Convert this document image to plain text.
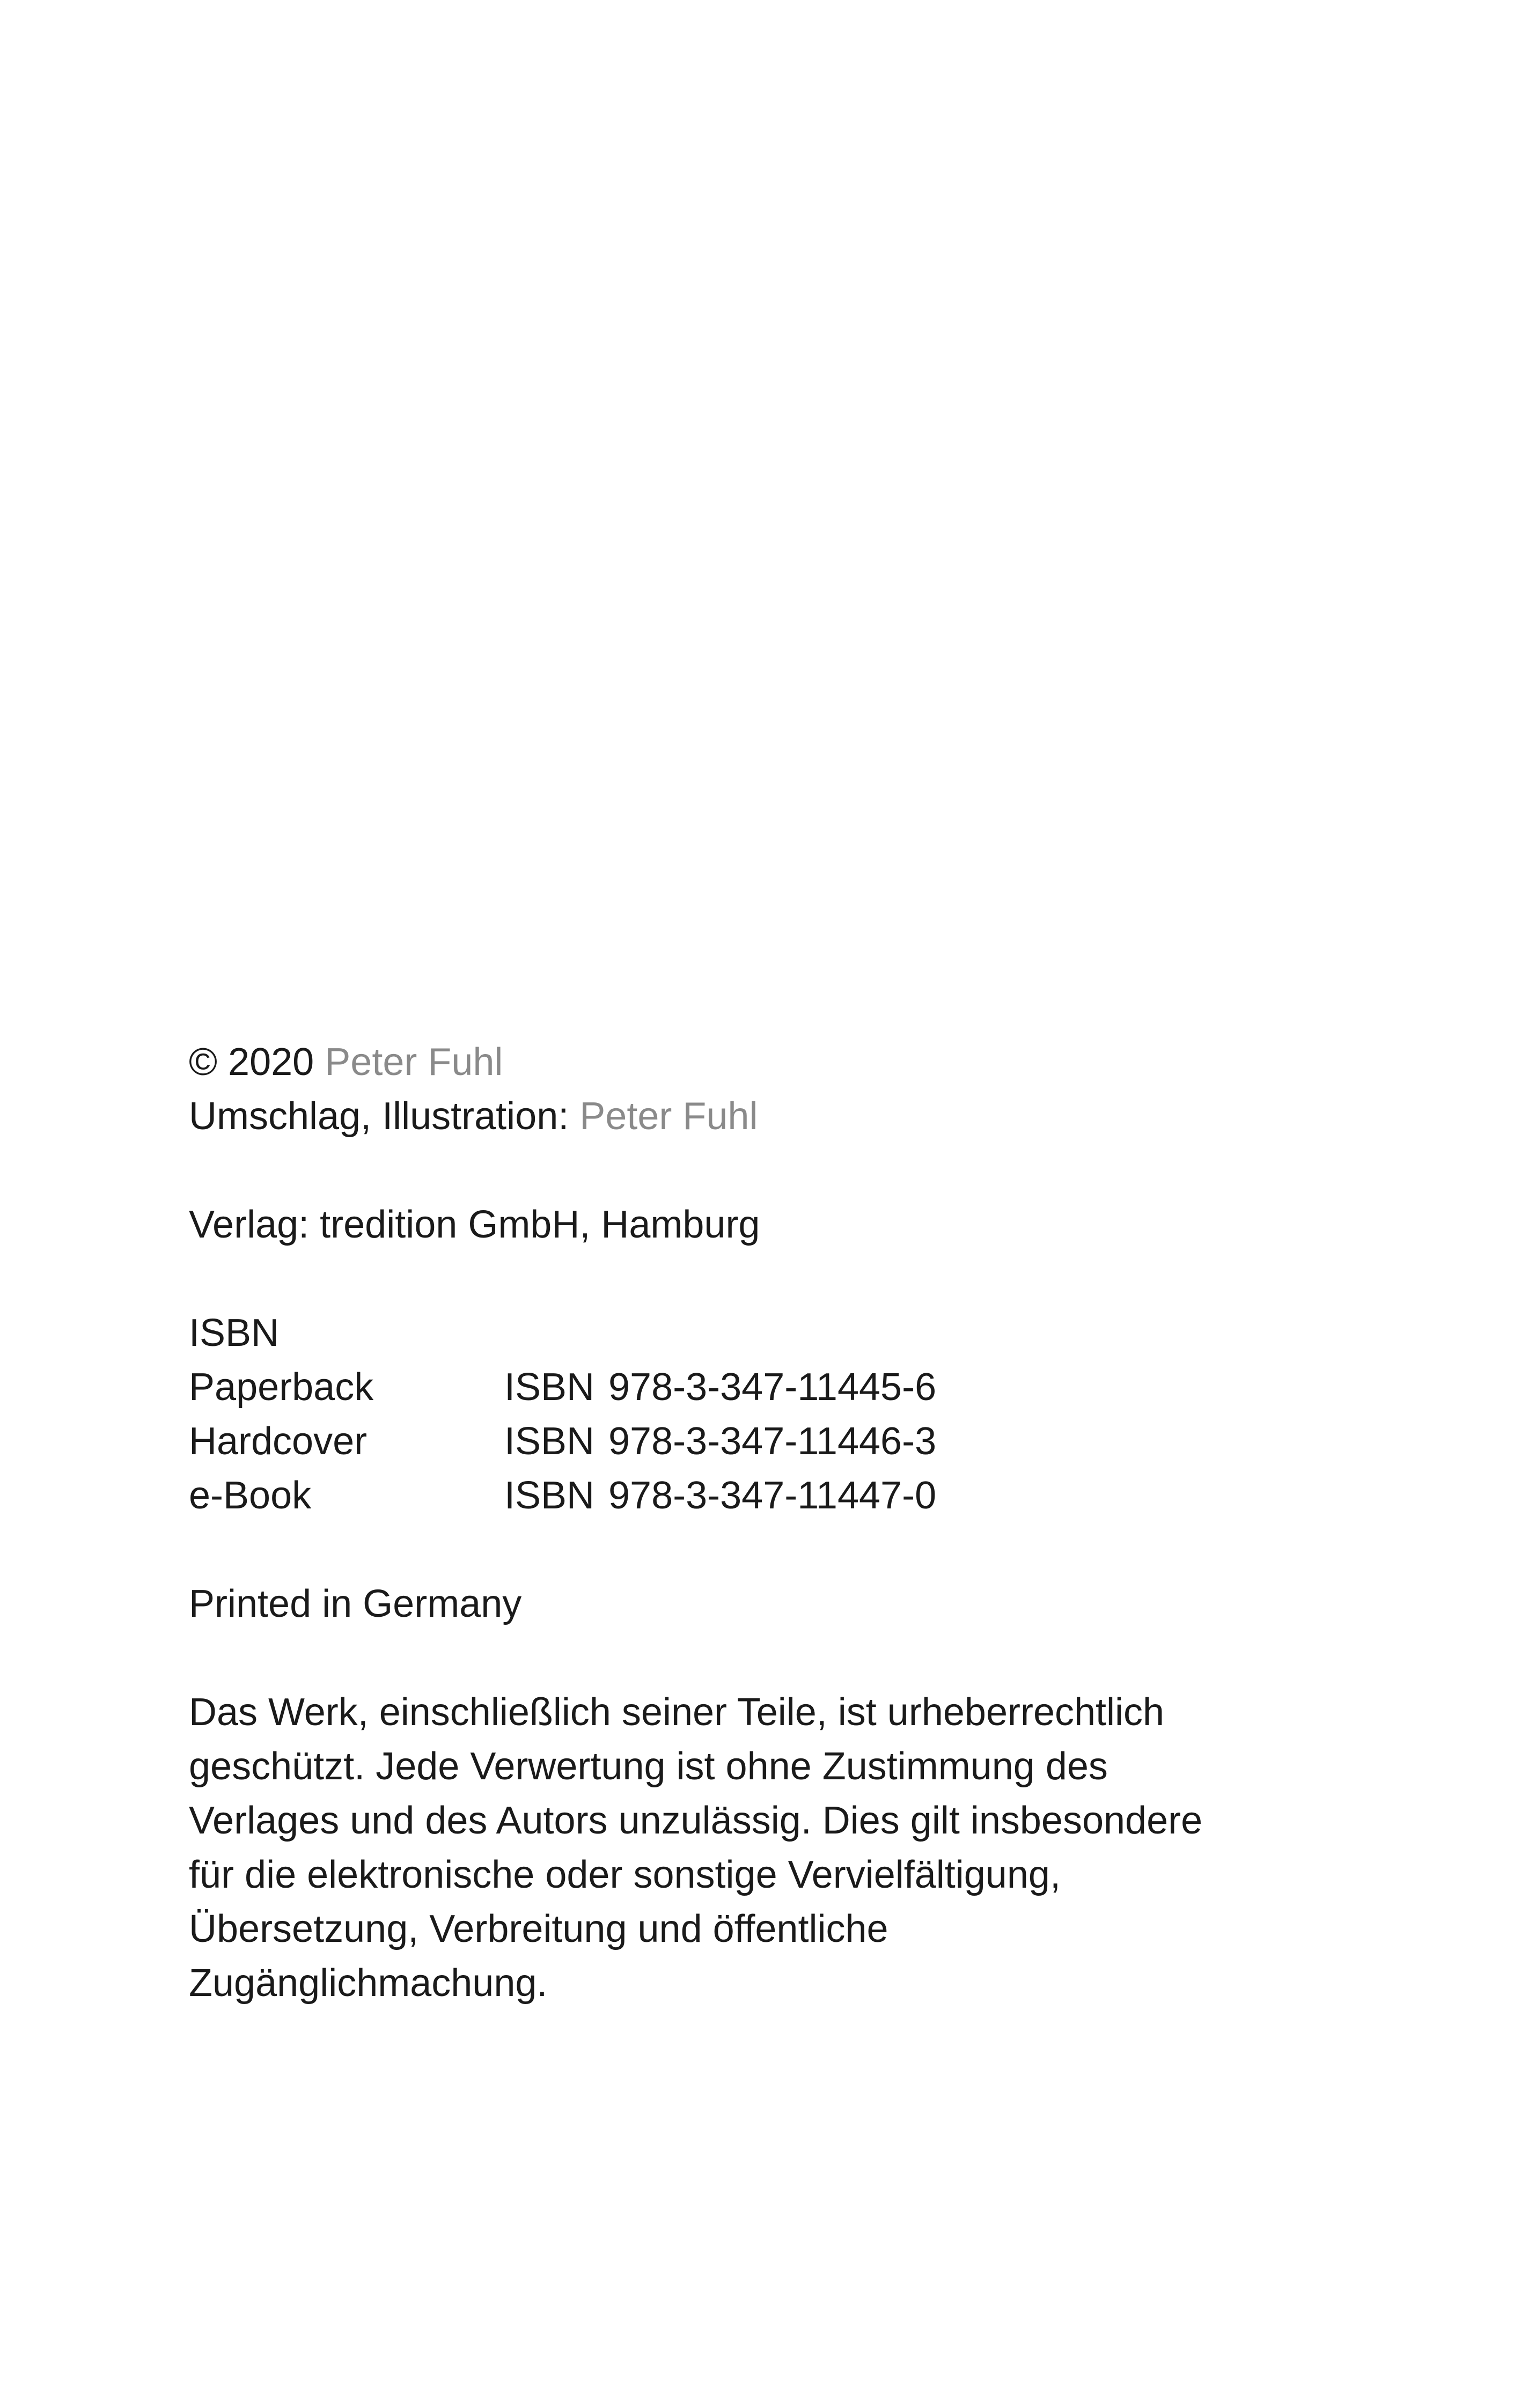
© 2020 Peter Fuhl
Umschlag, Illustration: Peter Fuhl
Verlag: tredition GmbH, Hamburg
ISBN
Paperback	ISBN 978-3-347-11445-6
Hardcover	ISBN 978-3-347-11446-3
e-Book	ISBN 978-3-347-11447-0
Printed in Germany
Das Werk, einschließlich seiner Teile, ist urheberrechtlich
geschützt. Jede Verwertung ist ohne Zustimmung des
Verlages und des Autors unzulässig. Dies gilt insbesondere
für die elektronische oder sonstige Vervielfältigung,
Übersetzung, Verbreitung und öffentliche
Zugänglichmachung.
